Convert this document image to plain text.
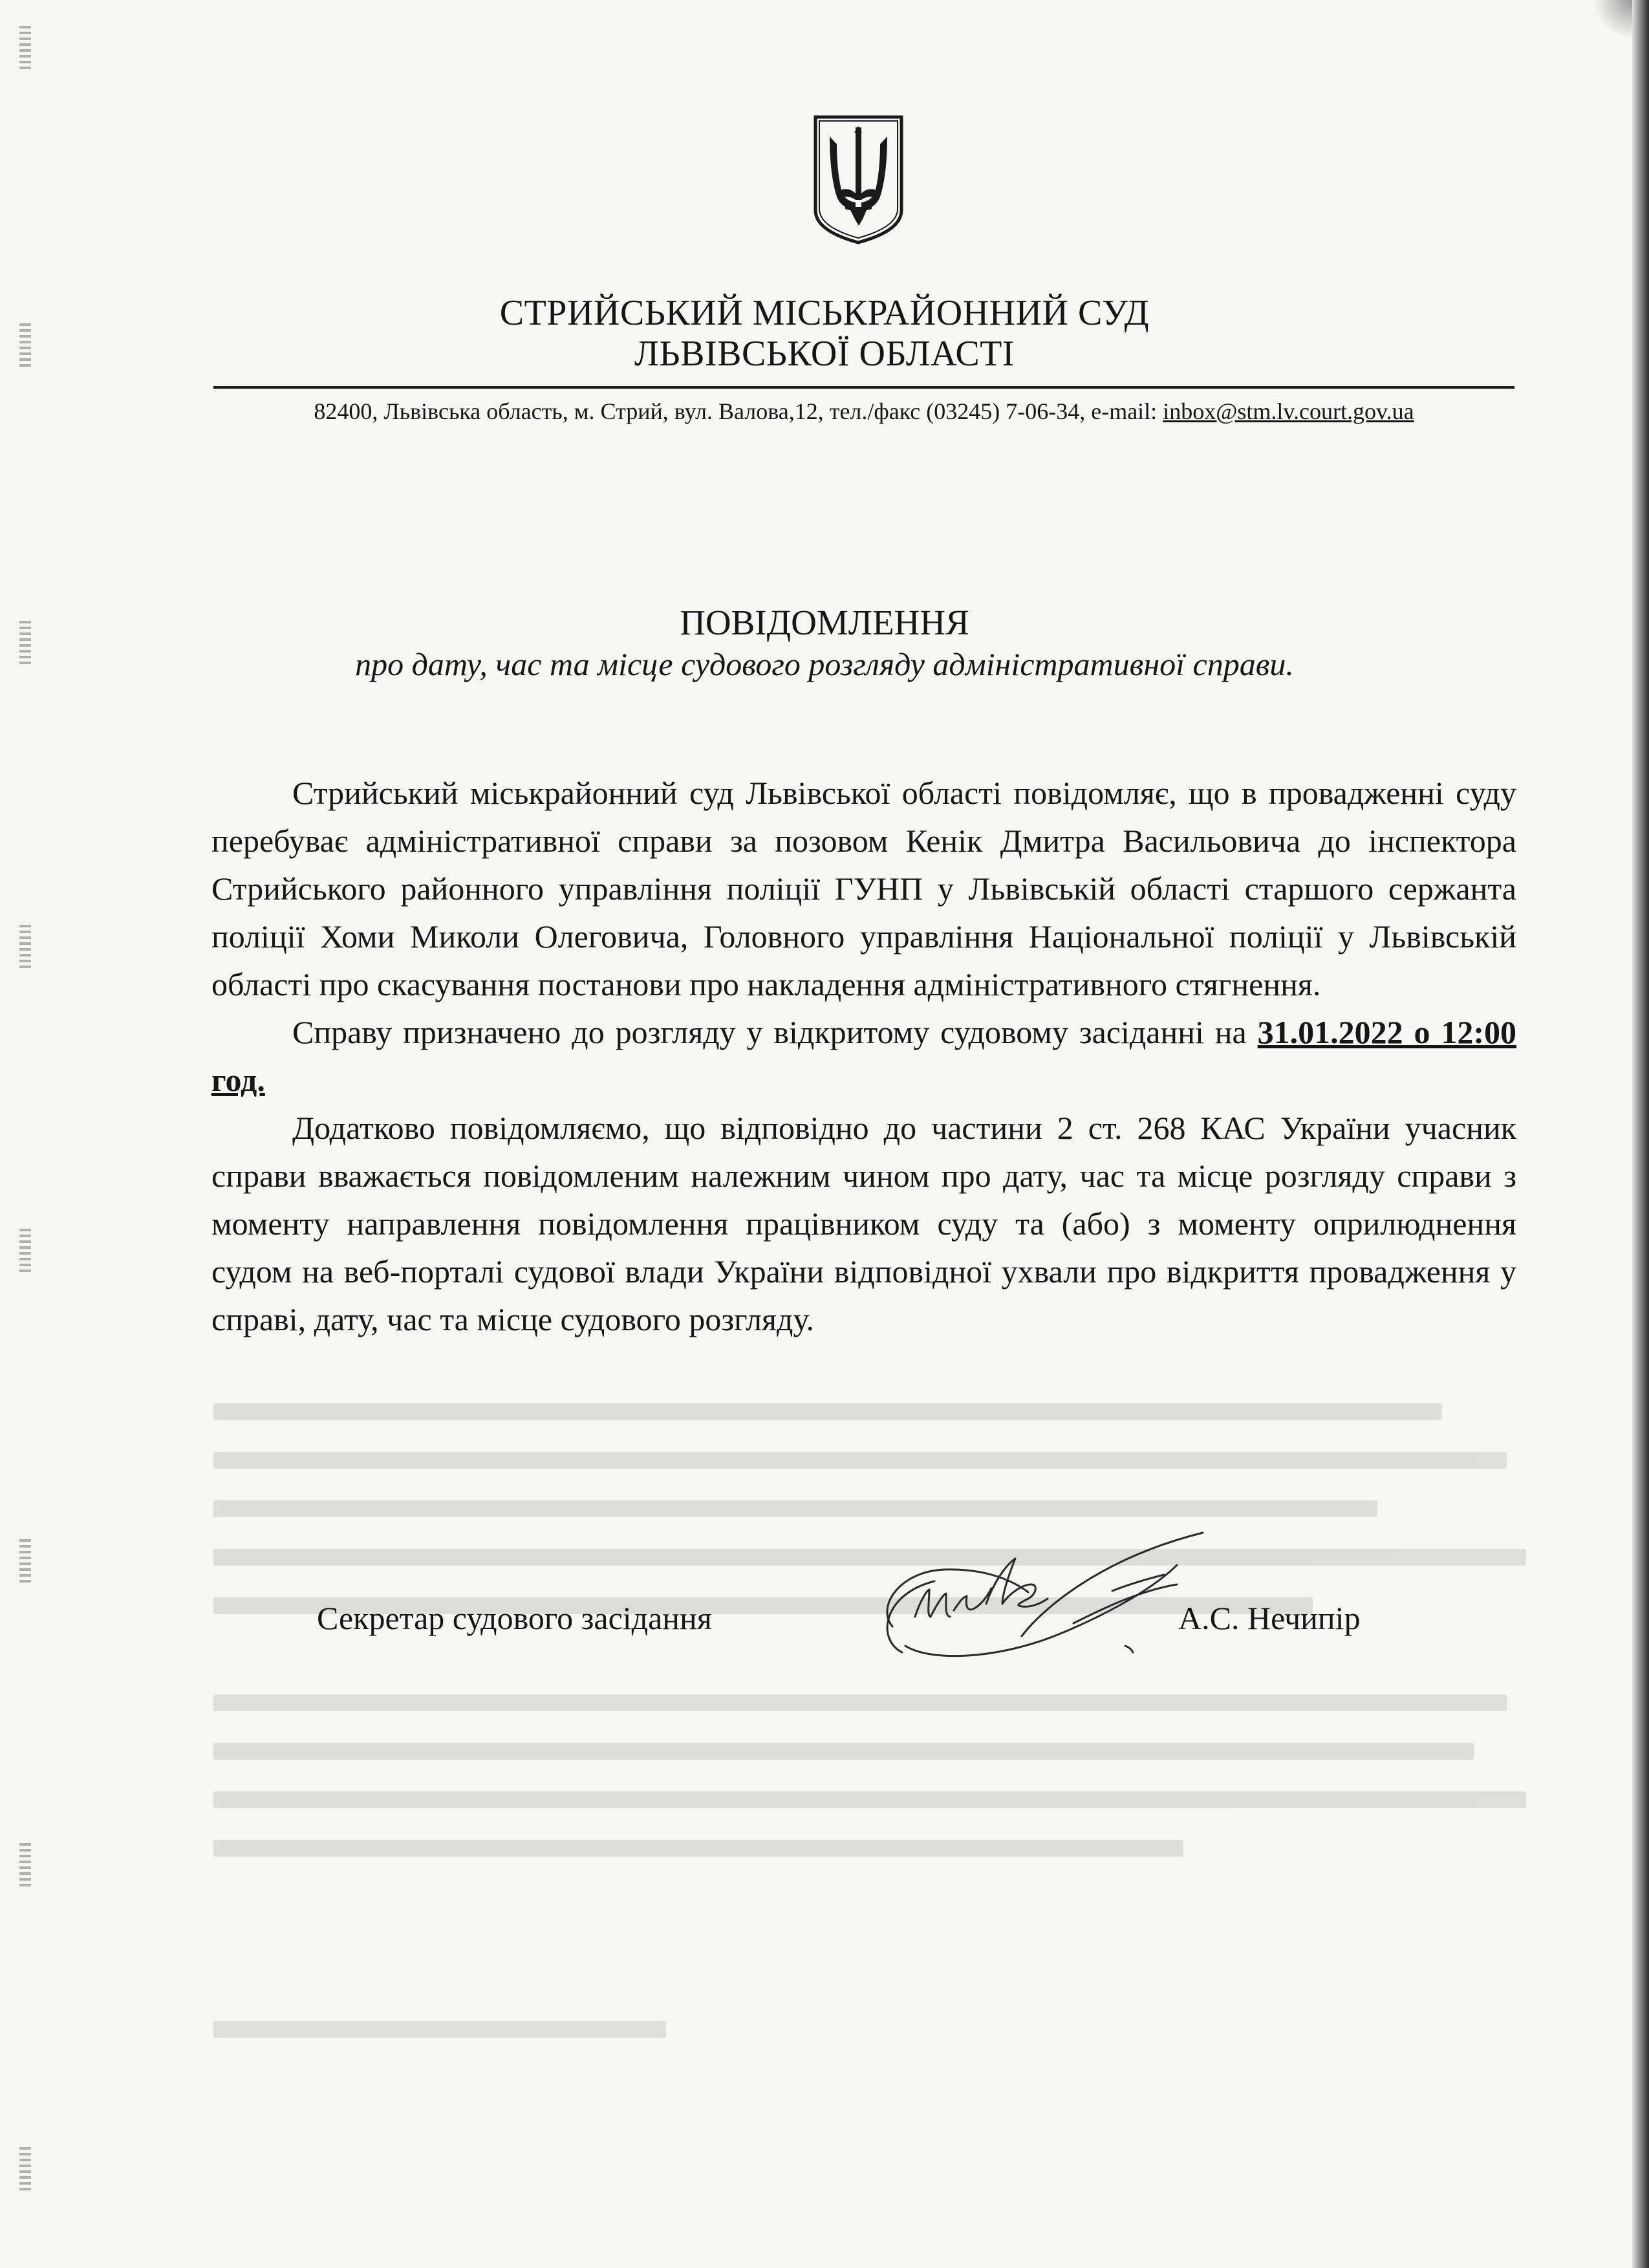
СТРИЙСЬКИЙ МІСЬКРАЙОННИЙ СУД
ЛЬВІВСЬКОЇ ОБЛАСТІ
82400, Львівська область, м. Стрий, вул. Валова,12, тел./факс (03245) 7-06-34, e-mail: inbox@stm.lv.court.gov.ua
ПОВІДОМЛЕННЯ
про дату, час та місце судового розгляду адміністративної справи.

Стрийський міськрайонний суд Львівської області повідомляє, що в провадженні суду перебуває адміністративної справи за позовом Кенік Дмитра Васильовича до інспектора Стрийського районного управління поліції ГУНП у Львівській області старшого сержанта поліції Хоми Миколи Олеговича, Головного управління Національної поліції у Львівській області про скасування постанови про накладення адміністративного стягнення.

Справу призначено до розгляду у відкритому судовому засіданні на 31.01.2022 о 12:00 год.

Додатково повідомляємо, що відповідно до частини 2 ст. 268 КАС України учасник справи вважається повідомленим належним чином про дату, час та місце розгляду справи з моменту направлення повідомлення працівником суду та (або) з моменту оприлюднення судом на веб-порталі судової влади України відповідної ухвали про відкриття провадження у справі, дату, час та місце судового розгляду.

Секретар судового засідання	А.С. Нечипір
